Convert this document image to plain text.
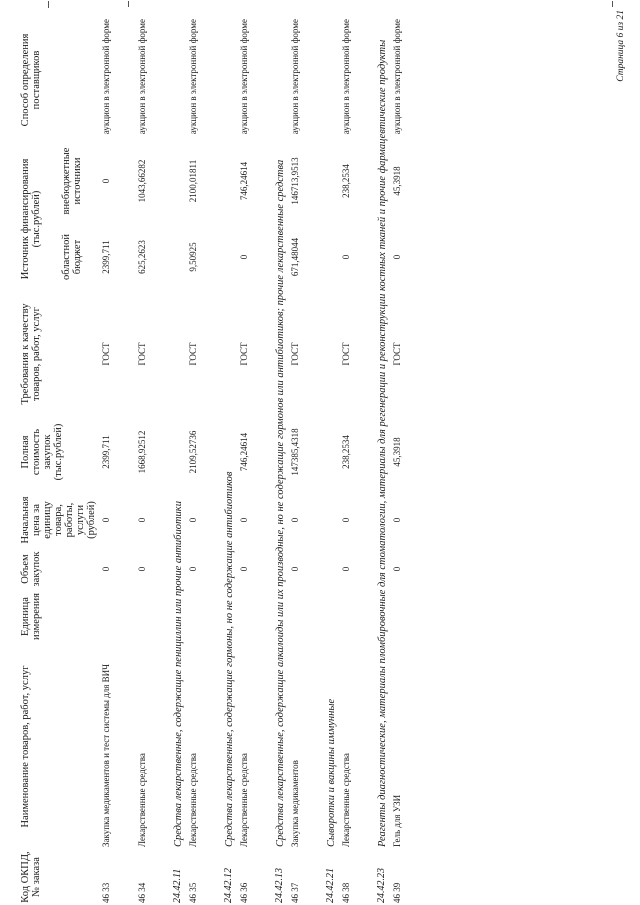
Код ОКПД, № заказа	Наименование товаров, работ, услуг	Единица измерения	Объем закупок	Начальная цена за единицу товара, работы, услуги (рублей)	Полная стоимость закупок (тыс.рублей)	Требования к качеству товаров, работ, услуг	Источник финансирования (тыс.рублей)		Способ определения поставщиков
							областной бюджет	внебюджетные источники	
46 33	Закупка медикаментов и тест системы для ВИЧ		0	0	2399,711	ГОСТ	2399,711	0	аукцион в электронной форме
46 34	Лекарственные средства		0	0	1668,92512	ГОСТ	625,2623	1043,66282	аукцион в электронной форме
24.42.11	Средства лекарственные, содержащие пенициллин или прочие антибиотики								
46 35	Лекарственные средства		0	0	2109,52736	ГОСТ	9,50925	2100,01811	аукцион в электронной форме
24.42.12	Средства лекарственные, содержащие гормоны, но не содержащие антибиотиков								
46 36	Лекарственные средства		0	0	746,24614	ГОСТ	0	746,24614	аукцион в электронной форме
24.42.13	Средства лекарственные, содержащие алкалоиды или их производные, но не содержащие гормонов или антибиотиков; прочие лекарственные средства								
46 37	Закупка медикаментов		0	0	147385,4318	ГОСТ	671,48044	146713,9513	аукцион в электронной форме
24.42.21	Сыворотки и вакцины иммунные								
46 38	Лекарственные средства		0	0	238,2534	ГОСТ	0	238,2534	аукцион в электронной форме
24.42.23	Реагенты диагностические, материалы пломбировочные для стоматологии, материалы для регенерации и реконструкции костных тканей и прочие фармацевтические продукты								
46 39	Гель для УЗИ		0	0	45,3918	ГОСТ	0	45,3918	аукцион в электронной форме	Страница 6 из 21
